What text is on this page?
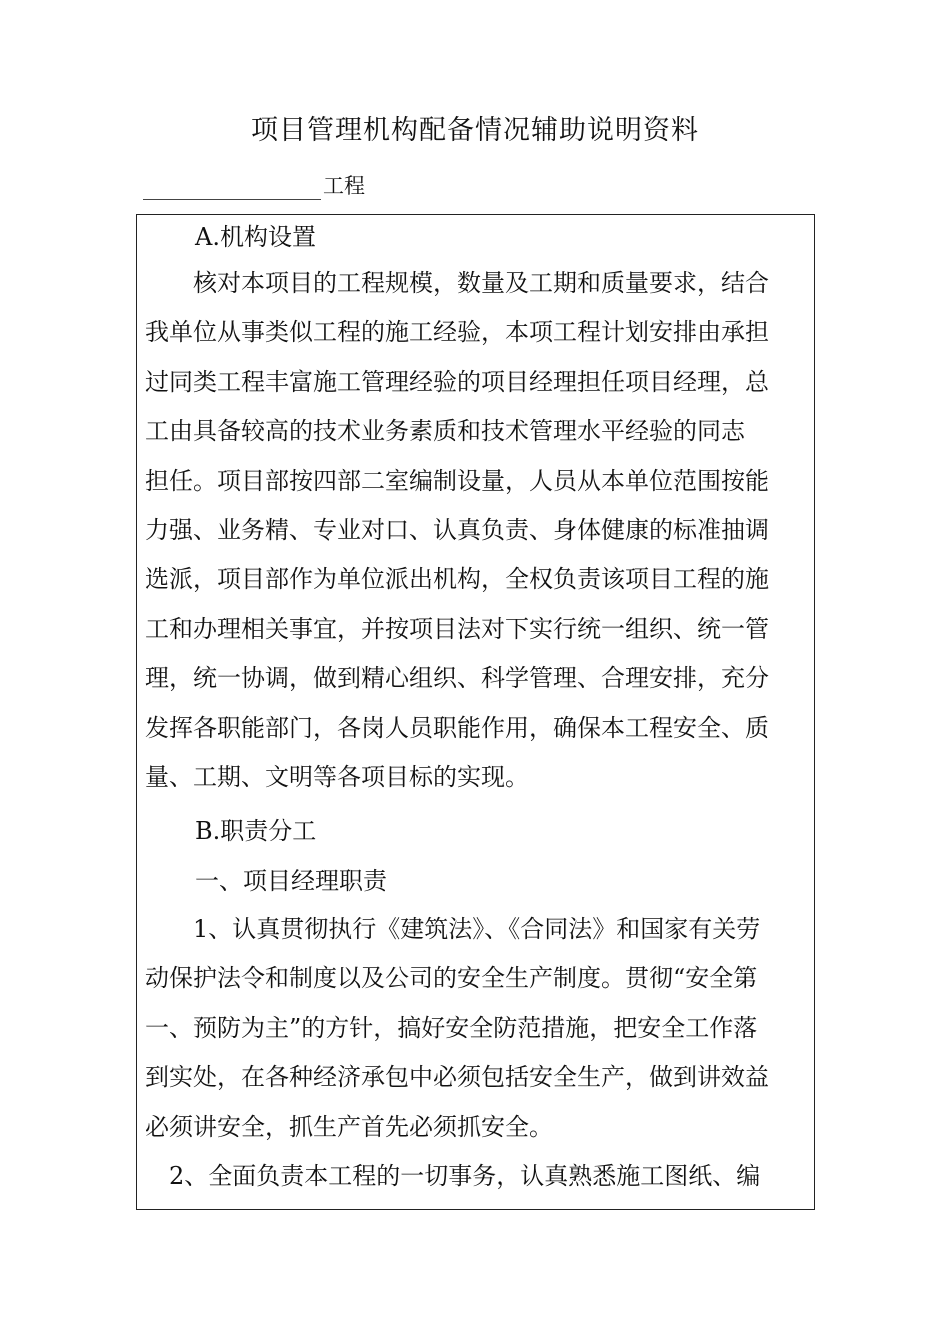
项目管理机构配备情况辅助说明资料
工程
A.机构设置
　　核对本项目的工程规模，数量及工期和质量要求，结合
我单位从事类似工程的施工经验，本项工程计划安排由承担
过同类工程丰富施工管理经验的项目经理担任项目经理，总
工由具备较高的技术业务素质和技术管理水平经验的同志
担任。项目部按四部二室编制设量，人员从本单位范围按能
力强、业务精、专业对口、认真负责、身体健康的标准抽调
选派，项目部作为单位派出机构，全权负责该项目工程的施
工和办理相关事宜，并按项目法对下实行统一组织、统一管
理，统一协调，做到精心组织、科学管理、合理安排，充分
发挥各职能部门，各岗人员职能作用，确保本工程安全、质
量、工期、文明等各项目标的实现。
B.职责分工
一、项目经理职责
　　1、认真贯彻执行《建筑法》、《合同法》和国家有关劳
动保护法令和制度以及公司的安全生产制度。贯彻“安全第
一、预防为主”的方针，搞好安全防范措施，把安全工作落
到实处，在各种经济承包中必须包括安全生产，做到讲效益
必须讲安全，抓生产首先必须抓安全。
　2、全面负责本工程的一切事务，认真熟悉施工图纸、编
